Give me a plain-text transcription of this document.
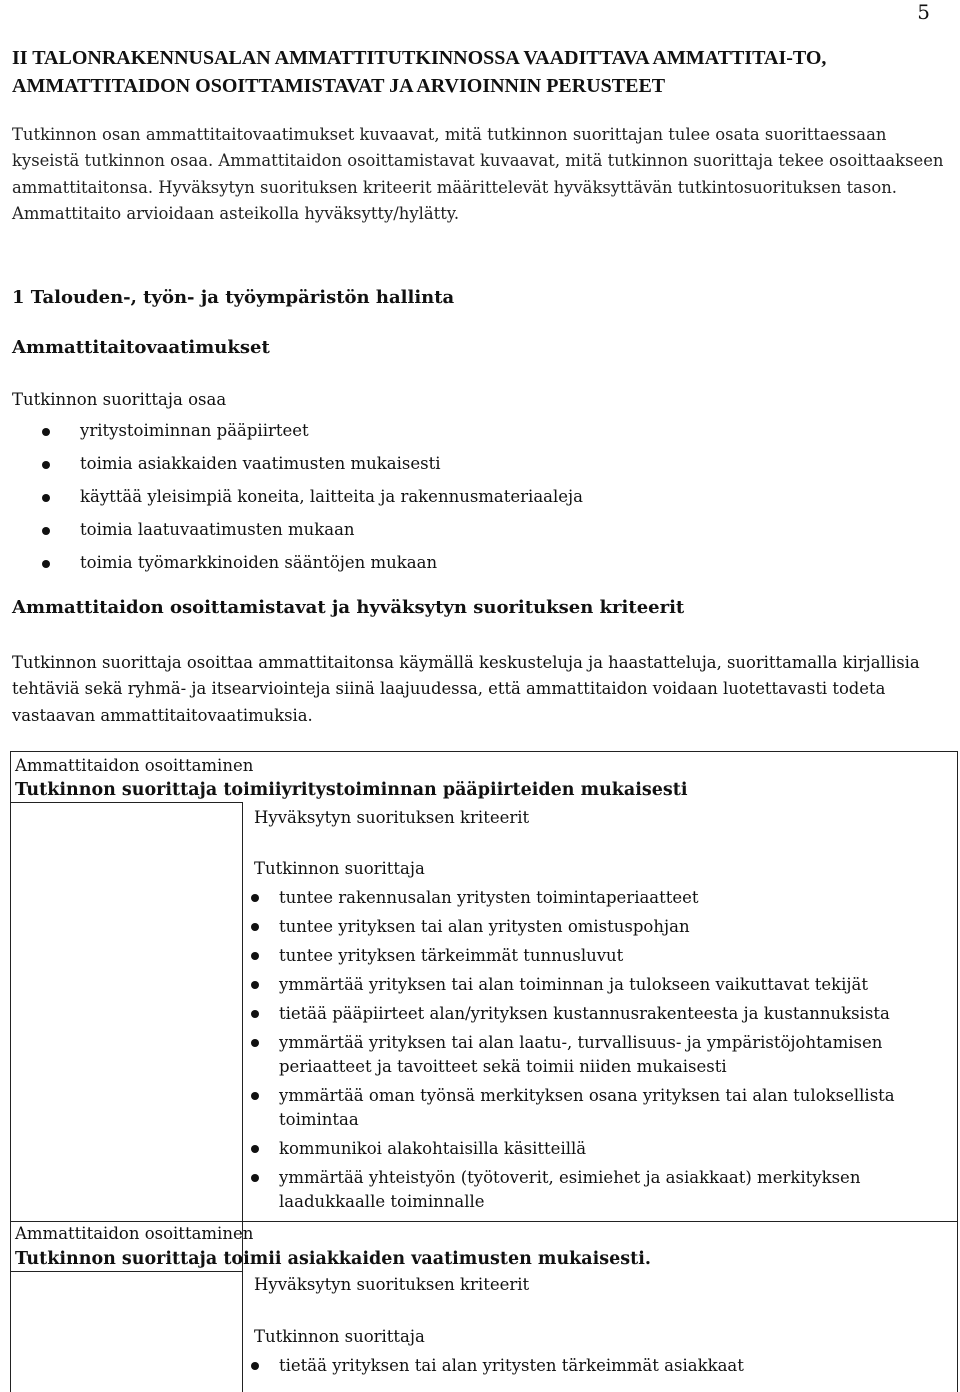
5
II TALONRAKENNUSALAN AMMATTITUTKINNOSSA VAADITTAVA AMMATTITAI-TO, AMMATTITAIDON OSOITTAMISTAVAT JA ARVIOINNIN PERUSTEET
Tutkinnon osan ammattitaitovaatimukset kuvaavat, mitä tutkinnon suorittajan tulee osata suorittaessaan kyseistä tutkinnon osaa. Ammattitaidon osoittamistavat kuvaavat, mitä tutkinnon suorittaja tekee osoittaakseen ammattitaitonsa. Hyväksytyn suorituksen kriteerit määrittelevät hyväksyttävän tutkintosuorituksen tason. Ammattitaito arvioidaan asteikolla hyväksytty/hylätty.
1 Talouden-, työn- ja työympäristön hallinta
Ammattitaitovaatimukset
Tutkinnon suorittaja osaa
yritystoiminnan pääpiirteet
toimia asiakkaiden vaatimusten mukaisesti
käyttää yleisimpiä koneita, laitteita ja rakennusmateriaaleja
toimia laatuvaatimusten mukaan
toimia työmarkkinoiden sääntöjen mukaan
Ammattitaidon osoittamistavat ja hyväksytyn suorituksen kriteerit
Tutkinnon suorittaja osoittaa ammattitaitonsa käymällä keskusteluja ja haastatteluja, suorittamalla kirjallisia tehtäviä sekä ryhmä- ja itsearviointeja siinä laajuudessa, että ammattitaidon voidaan luotettavasti todeta vastaavan ammattitaitovaatimuksia.
Ammattitaidon osoittaminen
Tutkinnon suorittaja toimiiyritystoiminnan pääpiirteiden mukaisesti
Hyväksytyn suorituksen kriteerit
Tutkinnon suorittaja
tuntee rakennusalan yritysten toimintaperiaatteet
tuntee yrityksen tai alan yritysten omistuspohjan
tuntee yrityksen tärkeimmät tunnusluvut
ymmärtää yrityksen tai alan toiminnan ja tulokseen vaikuttavat tekijät
tietää pääpiirteet alan/yrityksen kustannusrakenteesta ja kustannuksista
ymmärtää yrityksen tai alan laatu-, turvallisuus- ja ympäristöjohtamisen periaatteet ja tavoitteet sekä toimii niiden mukaisesti
ymmärtää oman työnsä merkityksen osana yrityksen tai alan tuloksellista toimintaa
kommunikoi alakohtaisilla käsitteillä
ymmärtää yhteistyön (työtoverit, esimiehet ja asiakkaat) merkityksen laadukkaalle toiminnalle
Ammattitaidon osoittaminen
Tutkinnon suorittaja toimii asiakkaiden vaatimusten mukaisesti.
Hyväksytyn suorituksen kriteerit
Tutkinnon suorittaja
tietää yrityksen tai alan yritysten tärkeimmät asiakkaat
